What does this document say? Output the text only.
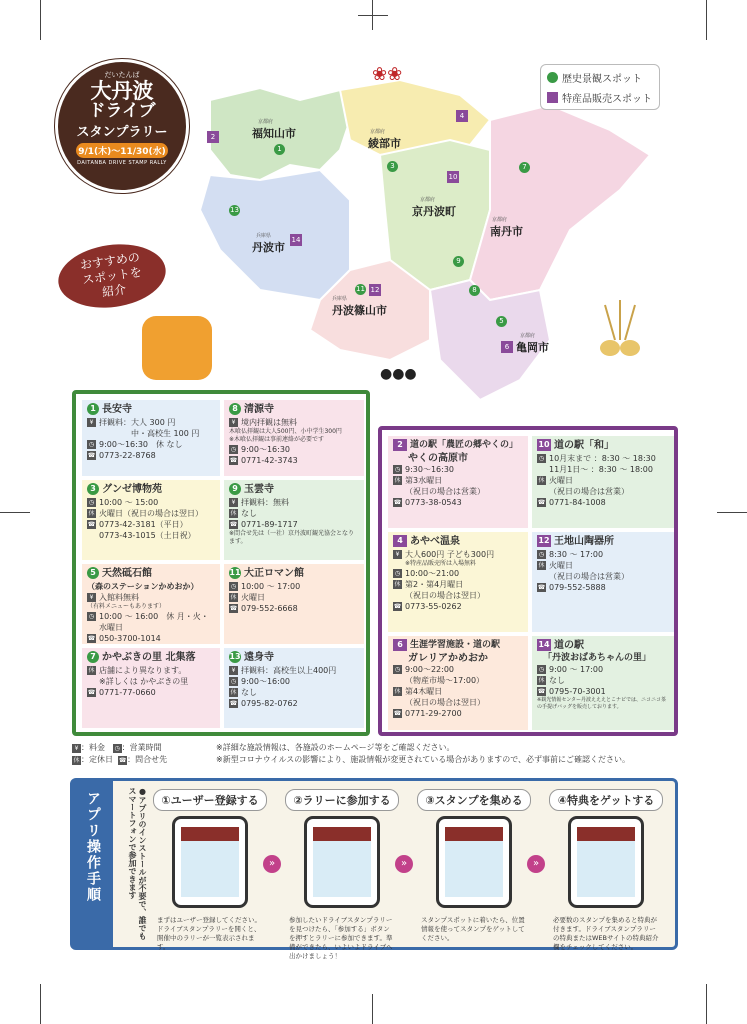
京都府
福知山市	京都府
綾部市
京都府
京丹波町
京都府
南丹市
兵庫県
丹波市
兵庫県
丹波篠山市
京都府
亀岡市
1
2
3
4
5
6
7
8
9
10
11 12
13
14
❀❀
●●●
だいたんば
大丹波
ドライブ
スタンプラリー
9/1(木)～11/30(水)
DAITANBA DRIVE STAMP RALLY
おすすめの
スポットを
紹介
歴史景観スポット
特産品販売スポット
1 長安寺
¥ 拝観料：大人 300 円
中・高校生 100 円
◷ 9:00～16:30　休 なし
☎ 0773-22-8768
8 清源寺
¥ 境内拝観は無料
木喰仏拝観は大人500円、小中学生300円
※木喰仏拝観は事前連絡が必要です
◷ 9:00～16:30
☎ 0771-42-3743
3 グンゼ博物苑
◷ 10:00 ～ 15:00
休 火曜日（祝日の場合は翌日）
☎ 0773-42-3181（平日）
0773-43-1015（土日祝）
9 玉雲寺
¥ 拝観料：無料
休 なし
☎ 0771-89-1717
※問合せ先は（一社）京丹波町観光協会となります。
5 天然砥石館
（森のステーションかめおか）
¥ 入館料無料
（有料メニューもあります）
◷ 10:00 ～ 16:00　休 月・火・水曜日
☎ 050-3700-1014
11 大正ロマン館
◷ 10:00 ～ 17:00
休 火曜日
☎ 079-552-6668
7 かやぶきの里 北集落
休 店舗により異なります。
※詳しくは かやぶきの里
☎ 0771-77-0660
13 遠身寺
¥ 拝観料：高校生以上400円
◷ 9:00～16:00
休 なし
☎ 0795-82-0762
2 道の駅「農匠の郷やくの」
やくの高原市
◷ 9:30～16:30
休 第3水曜日
（祝日の場合は営業）
☎ 0773-38-0543
10 道の駅「和」
◷ 10月末まで ：8:30 ～ 18:30
11月1日～ ：8:30 ～ 18:00
休 火曜日
（祝日の場合は営業）
☎ 0771-84-1008
4 あやべ温泉
¥ 大人600円 子ども300円
※特産品販売所は入場無料
◷ 10:00～21:00
休 第2・第4月曜日
（祝日の場合は翌日）
☎ 0773-55-0262
12 王地山陶器所
◷ 8:30 ～ 17:00
休 火曜日
（祝日の場合は営業）
☎ 079-552-5888
6 生涯学習施設・道の駅
ガレリアかめおか
◷ 9:00～22:00
（物産市場～17:00）
休 第4木曜日
（祝日の場合は翌日）
☎ 0771-29-2700
14 道の駅
「丹波おばあちゃんの里」
◷ 9:00 ～ 17:00
休 なし
☎ 0795-70-3001
※観光情報センター丹波えええとこナビでは、ニコニコ茶の手提げバッグを販売しております。
¥ ：料金 ◷ ：営業時間
休 ：定休日 ☎：問合せ先
※詳細な施設情報は、各施設のホームページ等をご確認ください。
※新型コロナウイルスの影響により、施設情報が変更されている場合がありますので、必ず事前にご確認ください。
アプリ操作手順	●アプリのインストールが不要で、誰でもスマートフォンで参加できます	①ユーザー登録する
まずはユーザー登録してください。ドライブスタンプラリーを開くと、開催中のラリーが一覧表示されます。
»
②ラリーに参加する
参加したいドライブスタンプラリーを見つけたら、「参加する」ボタンを押すとラリーに参加できます。準備ができたら、いよいよドライブへ出かけましょう！
»
③スタンプを集める
スタンプスポットに着いたら、位置情報を使ってスタンプをゲットしてください。
»
④特典をゲットする
必要数のスタンプを集めると特典が付きます。ドライブスタンプラリーの特典またはWEBサイトの特典紹介欄をチェックしてください。
